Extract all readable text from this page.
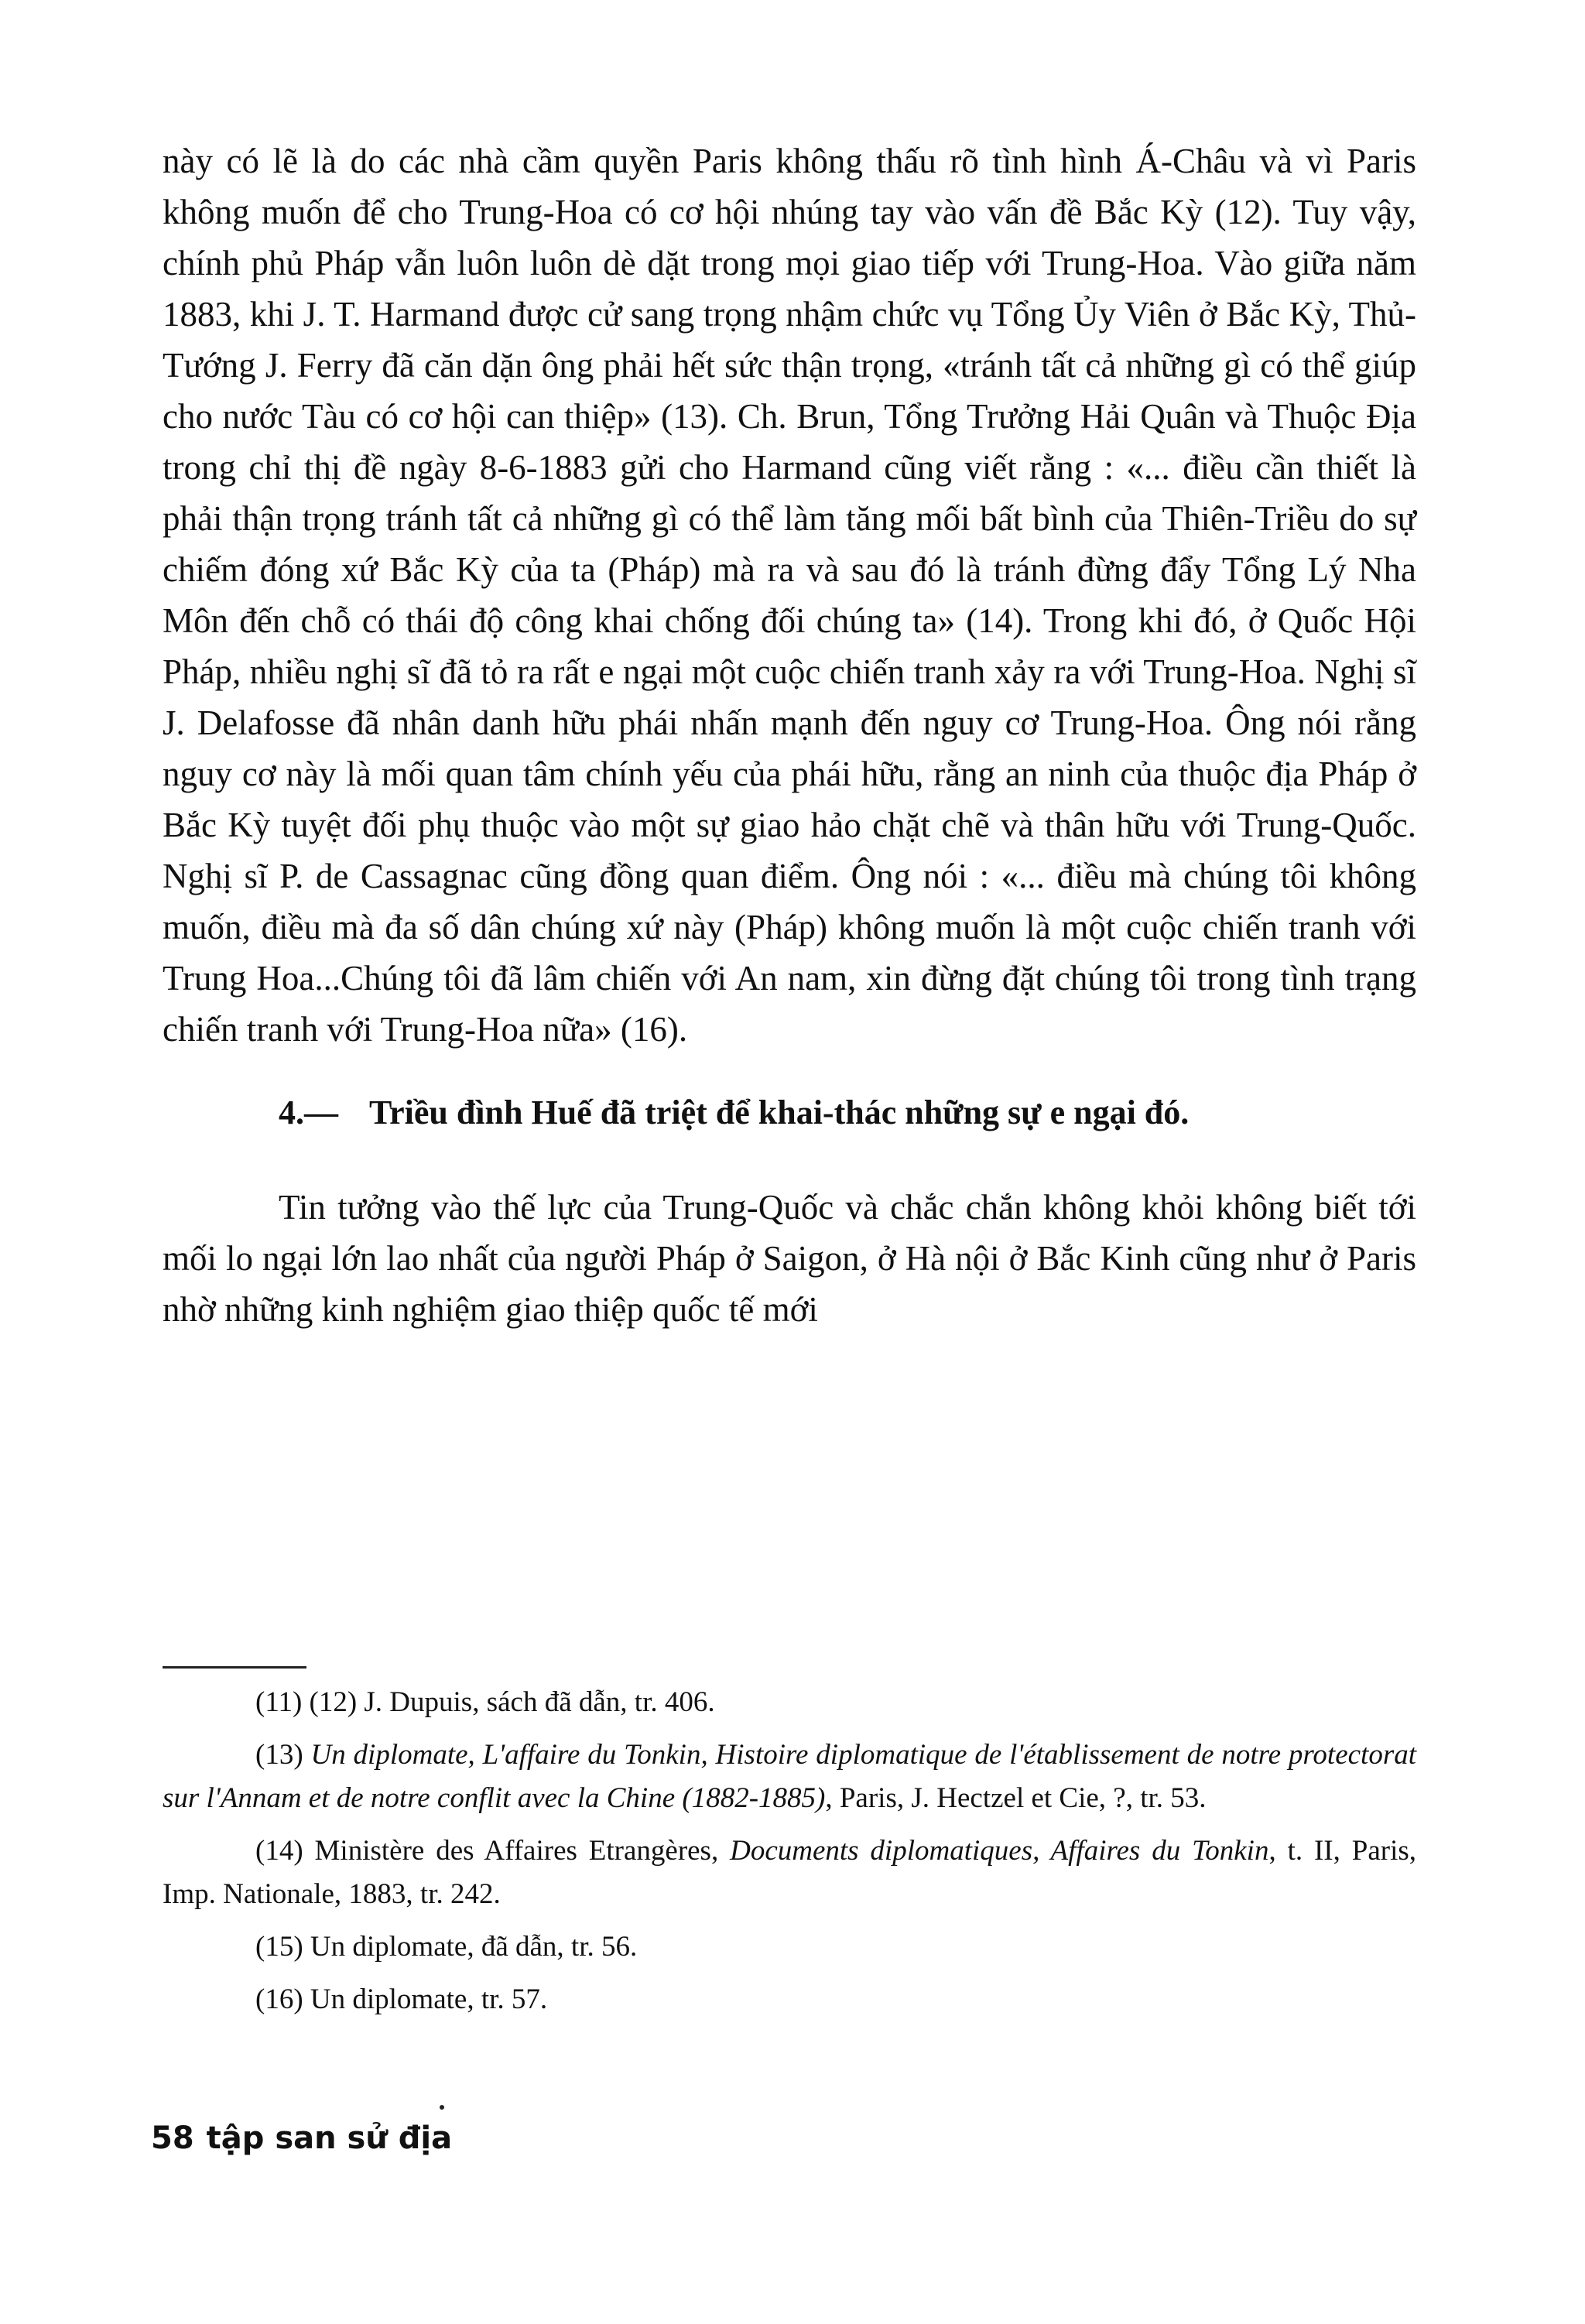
này có lẽ là do các nhà cầm quyền Paris không thấu rõ tình hình Á-Châu và vì Paris không muốn để cho Trung-Hoa có cơ hội nhúng tay vào vấn đề Bắc Kỳ (12). Tuy vậy, chính phủ Pháp vẫn luôn luôn dè dặt trong mọi giao tiếp với Trung-Hoa. Vào giữa năm 1883, khi J. T. Harmand được cử sang trọng nhậm chức vụ Tổng Ủy Viên ở Bắc Kỳ, Thủ-Tướng J. Ferry đã căn dặn ông phải hết sức thận trọng, «tránh tất cả những gì có thể giúp cho nước Tàu có cơ hội can thiệp» (13). Ch. Brun, Tổng Trưởng Hải Quân và Thuộc Địa trong chỉ thị đề ngày 8-6-1883 gửi cho Harmand cũng viết rằng : «... điều cần thiết là phải thận trọng tránh tất cả những gì có thể làm tăng mối bất bình của Thiên-Triều do sự chiếm đóng xứ Bắc Kỳ của ta (Pháp) mà ra và sau đó là tránh đừng đẩy Tổng Lý Nha Môn đến chỗ có thái độ công khai chống đối chúng ta» (14). Trong khi đó, ở Quốc Hội Pháp, nhiều nghị sĩ đã tỏ ra rất e ngại một cuộc chiến tranh xảy ra với Trung-Hoa. Nghị sĩ J. Delafosse đã nhân danh hữu phái nhấn mạnh đến nguy cơ Trung-Hoa. Ông nói rằng nguy cơ này là mối quan tâm chính yếu của phái hữu, rằng an ninh của thuộc địa Pháp ở Bắc Kỳ tuyệt đối phụ thuộc vào một sự giao hảo chặt chẽ và thân hữu với Trung-Quốc. Nghị sĩ P. de Cassagnac cũng đồng quan điểm. Ông nói : «... điều mà chúng tôi không muốn, điều mà đa số dân chúng xứ này (Pháp) không muốn là một cuộc chiến tranh với Trung Hoa...Chúng tôi đã lâm chiến với An nam, xin đừng đặt chúng tôi trong tình trạng chiến tranh với Trung-Hoa nữa» (16).

4.— Triều đình Huế đã triệt để khai-thác những sự e ngại đó.

Tin tưởng vào thế lực của Trung-Quốc và chắc chắn không khỏi không biết tới mối lo ngại lớn lao nhất của người Pháp ở Saigon, ở Hà nội ở Bắc Kinh cũng như ở Paris nhờ những kinh nghiệm giao thiệp quốc tế mới

(11) (12) J. Dupuis, sách đã dẫn, tr. 406.

(13) Un diplomate, L'affaire du Tonkin, Histoire diplomatique de l'établissement de notre protectorat sur l'Annam et de notre conflit avec la Chine (1882-1885), Paris, J. Hectzel et Cie, ?, tr. 53.

(14) Ministère des Affaires Etrangères, Documents diplomatiques, Affaires du Tonkin, t. II, Paris, Imp. Nationale, 1883, tr. 242.

(15) Un diplomate, đã dẫn, tr. 56.

(16) Un diplomate, tr. 57.

58 tập san sử địa
